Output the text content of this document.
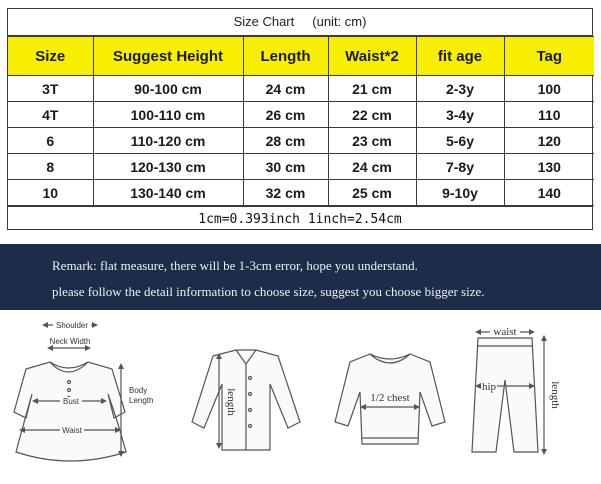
Size Chart (unit: cm)
Size	Suggest Height	Length	Waist*2	fit age	Tag
3T	90-100 cm	24 cm	21 cm	2-3y	100
4T	100-110 cm	26 cm	22 cm	3-4y	110
6	110-120 cm	28 cm	23 cm	5-6y	120
8	120-130 cm	30 cm	24 cm	7-8y	130
10	130-140 cm	32 cm	25 cm	9-10y	140
1cm=0.393inch 1inch=2.54cm
Remark: flat measure, there will be 1-3cm error, hope you understand.
please follow the detail information to choose size, suggest you choose bigger size.
Shoulder
Neck Width
Bust
Waist
Body
Length	length	1/2 chest
waist
hip	length
